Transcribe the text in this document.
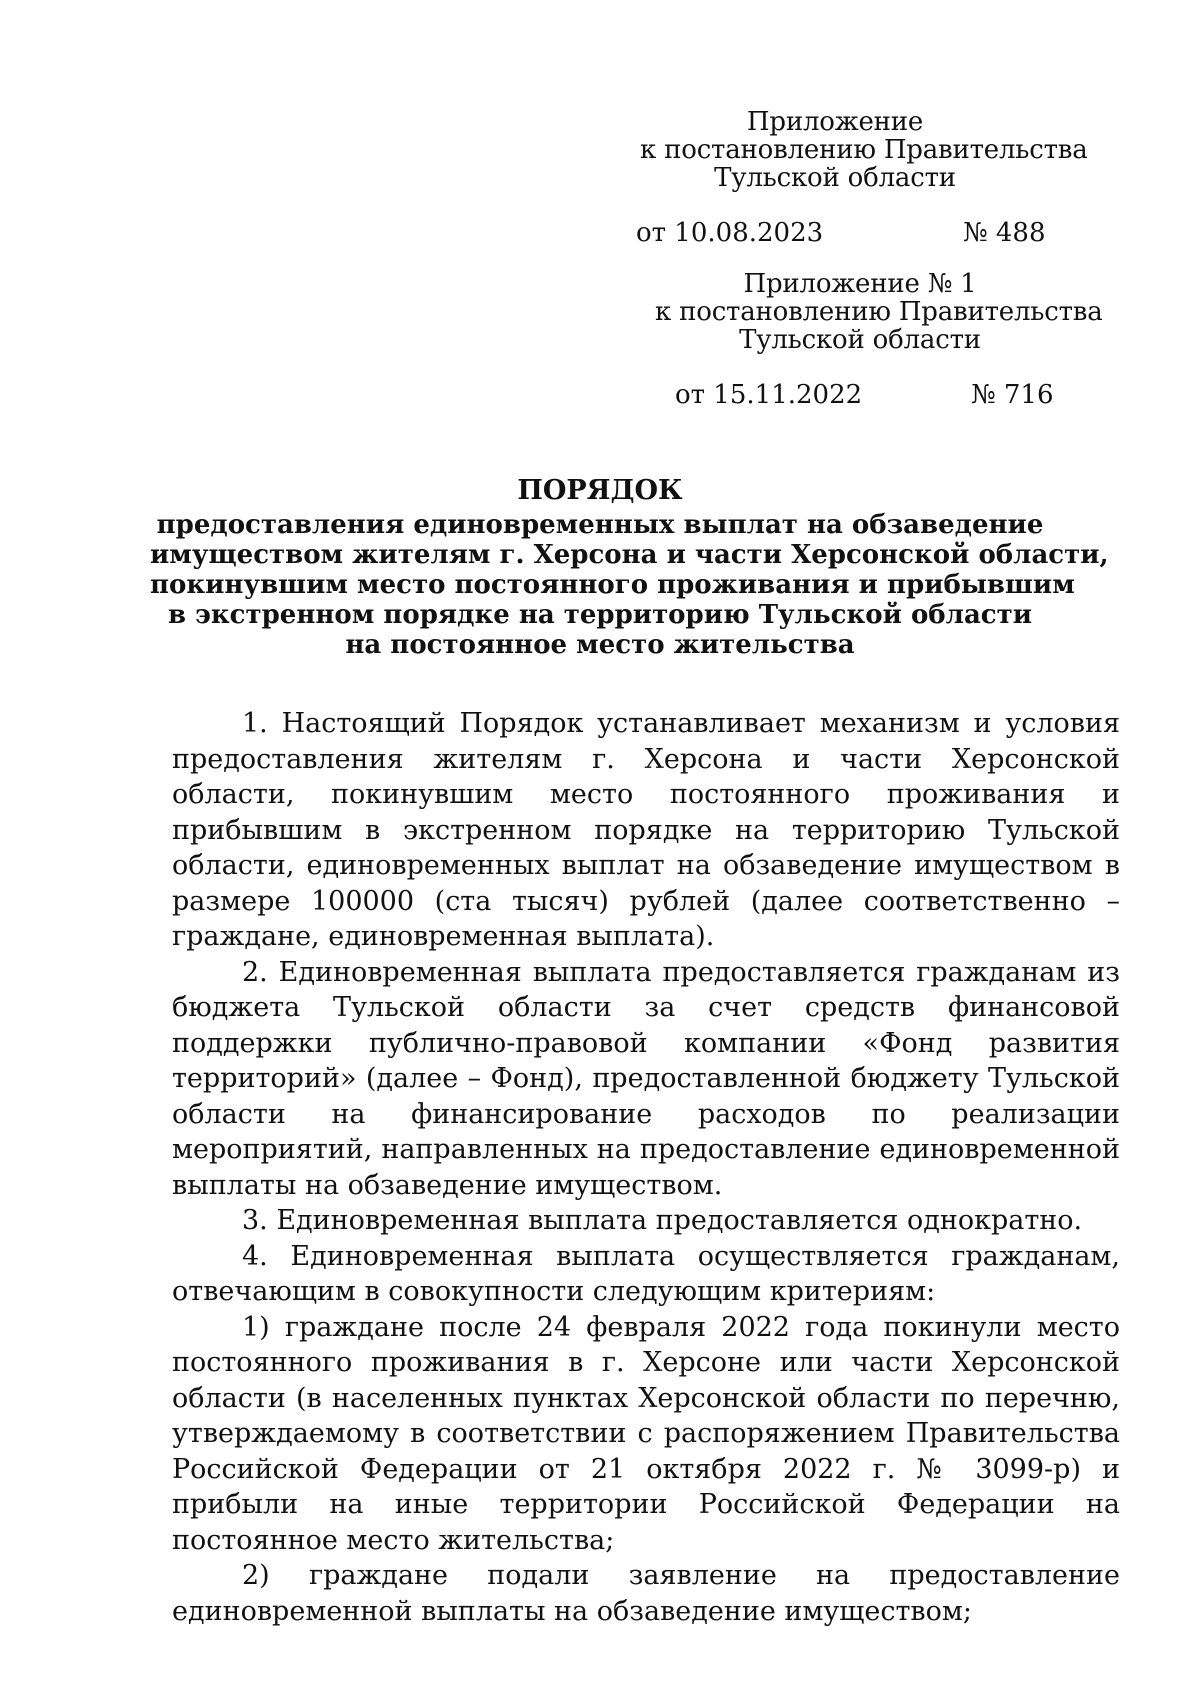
Приложение
к постановлению Правительства
Тульской области
от 10.08.2023	№ 488
Приложение № 1
к постановлению Правительства
Тульской области
от 15.11.2022	№ 716
ПОРЯДОК
предоставления единовременных выплат на обзаведение
имуществом жителям г. Херсона и части Херсонской области,
покинувшим место постоянного проживания и прибывшим
в экстренном порядке на территорию Тульской области
на постоянное место жительства

1. Настоящий Порядок устанавливает механизм и условия предоставления жителям г. Херсона и части Херсонской области, покинувшим место постоянного проживания и прибывшим в экстренном порядке на территорию Тульской области, единовременных выплат на обзаведение имуществом в размере 100000 (ста тысяч) рублей (далее соответственно – граждане, единовременная выплата).

2. Единовременная выплата предоставляется гражданам из бюджета Тульской области за счет средств финансовой поддержки публично-правовой компании «Фонд развития территорий» (далее – Фонд), предоставленной бюджету Тульской области на финансирование расходов по реализации мероприятий, направленных на предоставление единовременной выплаты на обзаведение имуществом.

3. Единовременная выплата предоставляется однократно.

4. Единовременная выплата осуществляется гражданам, отвечающим в совокупности следующим критериям:

1) граждане после 24 февраля 2022 года покинули место постоянного проживания в г. Херсоне или части Херсонской области (в населенных пунктах Херсонской области по перечню, утверждаемому в соответствии с распоряжением Правительства Российской Федерации от 21 октября 2022 г. № 3099-р) и прибыли на иные территории Российской Федерации на постоянное место жительства;

2) граждане подали заявление на предоставление единовременной выплаты на обзаведение имуществом;
